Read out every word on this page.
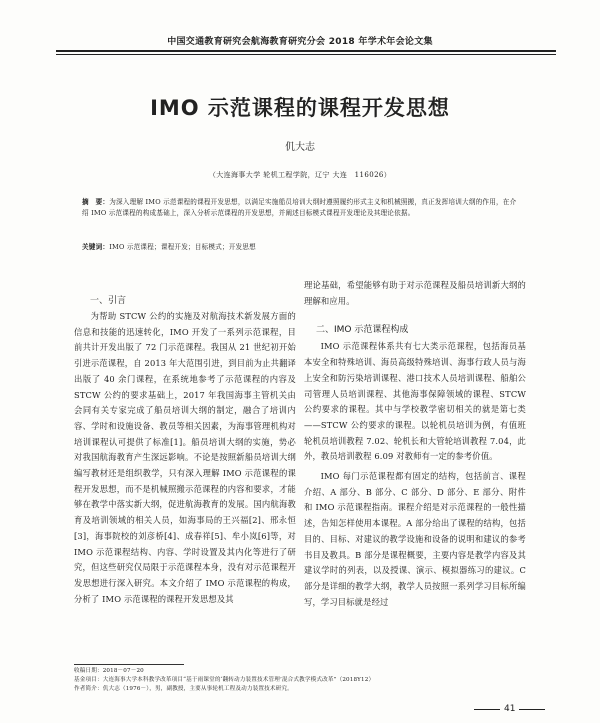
中国交通教育研究会航海教育研究分会 2018 年学术年会论文集
IMO 示范课程的课程开发思想
仉大志
（大连海事大学 轮机工程学院，辽宁 大连　116026）
摘　要：为深入理解 IMO 示范课程的课程开发思想，以满足实施船员培训大纲时遵照履约形式主义和机械照搬，真正发挥培训大纲的作用，在介绍 IMO 示范课程的构成基础上，深入分析示范课程的开发思想，并阐述目标模式课程开发理论及其理论依据。
关键词：IMO 示范课程；课程开发；目标模式；开发思想
一、引言

为帮助 STCW 公约的实施及对航海技术新发展方面的信息和技能的迅速转化，IMO 开发了一系列示范课程，目前共计开发出版了 72 门示范课程。我国从 21 世纪初开始引进示范课程，自 2013 年大范围引进，到目前为止共翻译出版了 40 余门课程，在系统地参考了示范课程的内容及 STCW 公约的要求基础上，2017 年我国海事主管机关由会同有关专家完成了船员培训大纲的制定，融合了培训内容、学时和设施设备、教员等相关因素，为海事管理机构对培训课程认可提供了标准[1]。船员培训大纲的实施，势必对我国航海教育产生深远影响。不论是按照新船员培训大纲编写教材还是组织教学，只有深入理解 IMO 示范课程的课程开发思想，而不是机械照搬示范课程的内容和要求，才能够在教学中落实新大纲，促进航海教育的发展。国内航海教育及培训领域的相关人员，如海事局的王兴福[2]、邢永恒[3]，海事院校的刘彦桥[4]、成春祥[5]、牟小岚[6]等，对 IMO 示范课程结构、内容、学时设置及其内化等进行了研究，但这些研究仅局限于示范课程本身，没有对示范课程开发思想进行深入研究。本文介绍了 IMO 示范课程的构成，分析了 IMO 示范课程的课程开发思想及其

理论基础，希望能够有助于对示范课程及船员培训新大纲的理解和应用。

IMO 示范课程体系共有七大类示范课程，包括海员基本安全和特殊培训、海员高级特殊培训、海事行政人员与海上安全和防污染培训课程、港口技术人员培训课程、船舶公司管理人员培训课程、其他海事保障领域的课程、STCW 公约要求的课程。其中与学校教学密切相关的就是第七类——STCW 公约要求的课程。以轮机员培训为例，有值班轮机员培训教程 7.02、轮机长和大管轮培训教程 7.04，此外，教员培训教程 6.09 对教师有一定的参考价值。

IMO 每门示范课程都有固定的结构，包括前言、课程介绍、A 部分、B 部分、C 部分、D 部分、E 部分、附件和 IMO 示范课程指南。课程介绍是对示范课程的一般性描述，告知怎样使用本课程。A 部分给出了课程的结构，包括目的、目标、对建议的教学设施和设备的说明和建议的参考书目及教具。B 部分是课程概要，主要内容是教学内容及其建议学时的列表，以及授课、演示、模拟器练习的建议。C 部分是详细的教学大纲，教学人员按照一系列学习目标所编写，学习目标就是经过

二、IMO 示范课程构成
收稿日期：2018－07－20
基金项目：大连海事大学本科教学改革项目“基于雨课堂的‘翻转动力装置技术管理’混合式教学模式改革”（2018Y12）
作者简介：仉大志（1976－），男，副教授，主要从事轮机工程及动力装置技术研究。
41
